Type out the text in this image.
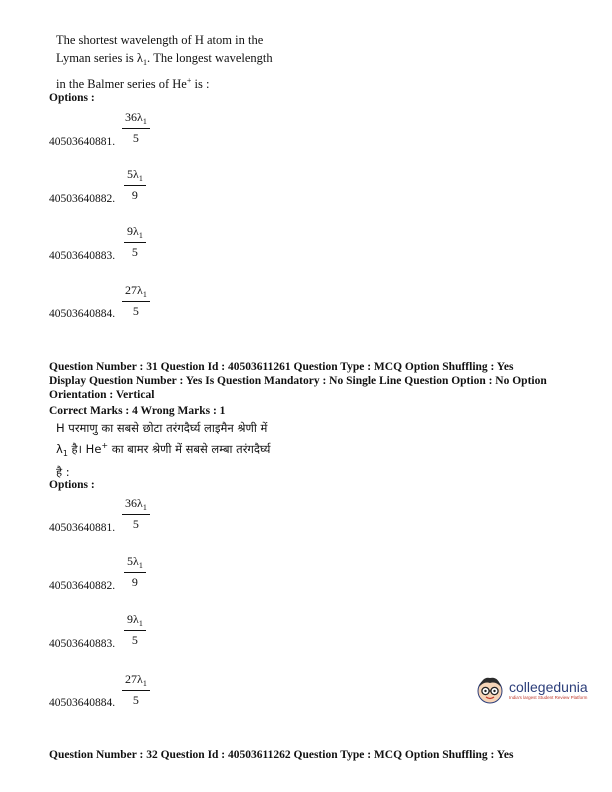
The shortest wavelength of H atom in the
Lyman series is $\lambda_1$. The longest wavelength
in the Balmer series of He+ is :
Options :
40503640881. $\frac{36\lambda_1}{5}$
40503640882. $\frac{5\lambda_1}{9}$
40503640883. $\frac{9\lambda_1}{5}$
40503640884. $\frac{27\lambda_1}{5}$
Question Number : 31 Question Id : 40503611261 Question Type : MCQ Option Shuffling : Yes
Display Question Number : Yes Is Question Mandatory : No Single Line Question Option : No Option
Orientation : Vertical
Correct Marks : 4 Wrong Marks : 1
H परमाणु का सबसे छोटा तरंगदैर्घ्य लाइमैन श्रेणी में
$\lambda_1$ है। He+ का बामर श्रेणी में सबसे लम्बा तरंगदैर्घ्य
है :
Options :
40503640881. $\frac{36\lambda_1}{5}$
40503640882. $\frac{5\lambda_1}{9}$
40503640883. $\frac{9\lambda_1}{5}$
40503640884. $\frac{27\lambda_1}{5}$	collegedunia
India's largest Student Review Platform
Question Number : 32 Question Id : 40503611262 Question Type : MCQ Option Shuffling : Yes
